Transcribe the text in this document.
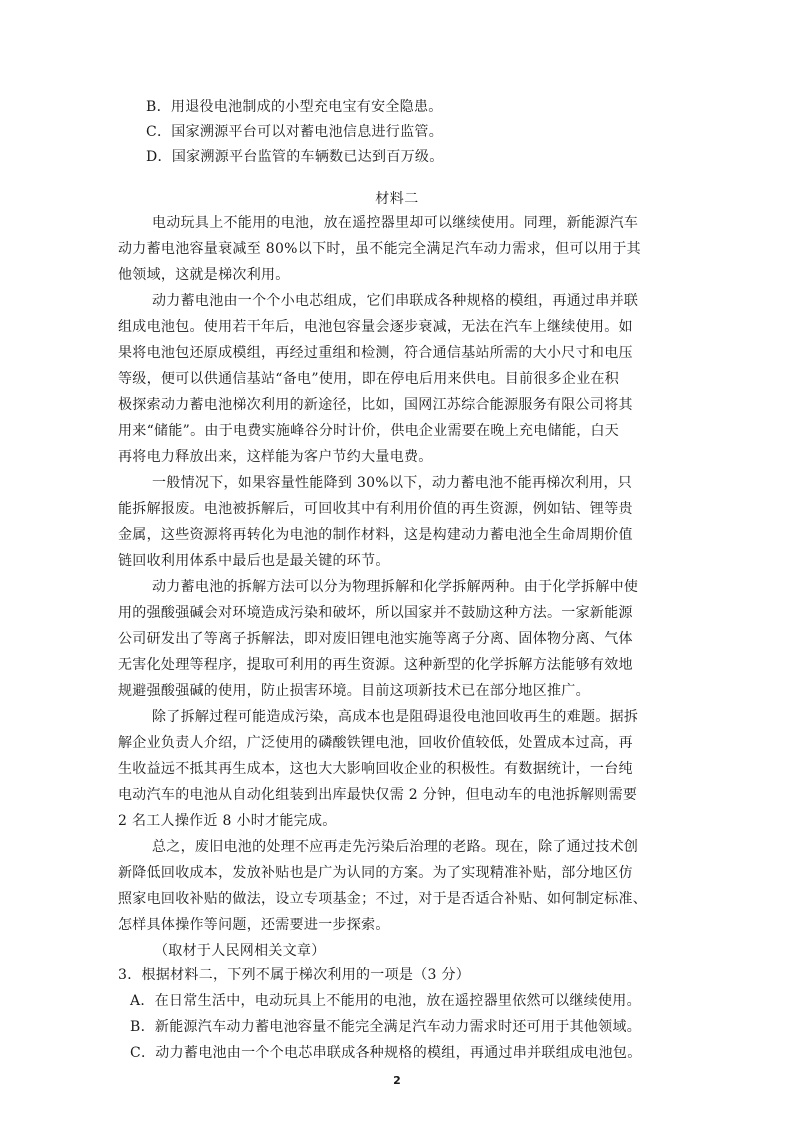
B．用退役电池制成的小型充电宝有安全隐患。
C．国家溯源平台可以对蓄电池信息进行监管。
D．国家溯源平台监管的车辆数已达到百万级。
材料二
电动玩具上不能用的电池，放在遥控器里却可以继续使用。同理，新能源汽车
动力蓄电池容量衰减至 80%以下时，虽不能完全满足汽车动力需求，但可以用于其
他领域，这就是梯次利用。
动力蓄电池由一个个小电芯组成，它们串联成各种规格的模组，再通过串并联
组成电池包。使用若干年后，电池包容量会逐步衰减，无法在汽车上继续使用。如
果将电池包还原成模组，再经过重组和检测，符合通信基站所需的大小尺寸和电压
等级，便可以供通信基站“备电”使用，即在停电后用来供电。目前很多企业在积
极探索动力蓄电池梯次利用的新途径，比如，国网江苏综合能源服务有限公司将其
用来“储能”。由于电费实施峰谷分时计价，供电企业需要在晚上充电储能，白天
再将电力释放出来，这样能为客户节约大量电费。
一般情况下，如果容量性能降到 30%以下，动力蓄电池不能再梯次利用，只
能拆解报废。电池被拆解后，可回收其中有利用价值的再生资源，例如钴、锂等贵
金属，这些资源将再转化为电池的制作材料，这是构建动力蓄电池全生命周期价值
链回收利用体系中最后也是最关键的环节。
动力蓄电池的拆解方法可以分为物理拆解和化学拆解两种。由于化学拆解中使
用的强酸强碱会对环境造成污染和破坏，所以国家并不鼓励这种方法。一家新能源
公司研发出了等离子拆解法，即对废旧锂电池实施等离子分离、固体物分离、气体
无害化处理等程序，提取可利用的再生资源。这种新型的化学拆解方法能够有效地
规避强酸强碱的使用，防止损害环境。目前这项新技术已在部分地区推广。
除了拆解过程可能造成污染，高成本也是阻碍退役电池回收再生的难题。据拆
解企业负责人介绍，广泛使用的磷酸铁锂电池，回收价值较低，处置成本过高，再
生收益远不抵其再生成本，这也大大影响回收企业的积极性。有数据统计，一台纯
电动汽车的电池从自动化组装到出库最快仅需 2 分钟，但电动车的电池拆解则需要
2 名工人操作近 8 小时才能完成。
总之，废旧电池的处理不应再走先污染后治理的老路。现在，除了通过技术创
新降低回收成本，发放补贴也是广为认同的方案。为了实现精准补贴，部分地区仿
照家电回收补贴的做法，设立专项基金；不过，对于是否适合补贴、如何制定标准、
怎样具体操作等问题，还需要进一步探索。
（取材于人民网相关文章）
3．根据材料二，下列不属于梯次利用的一项是（3 分）
A．在日常生活中，电动玩具上不能用的电池，放在遥控器里依然可以继续使用。
B．新能源汽车动力蓄电池容量不能完全满足汽车动力需求时还可用于其他领域。
C．动力蓄电池由一个个电芯串联成各种规格的模组，再通过串并联组成电池包。
2
